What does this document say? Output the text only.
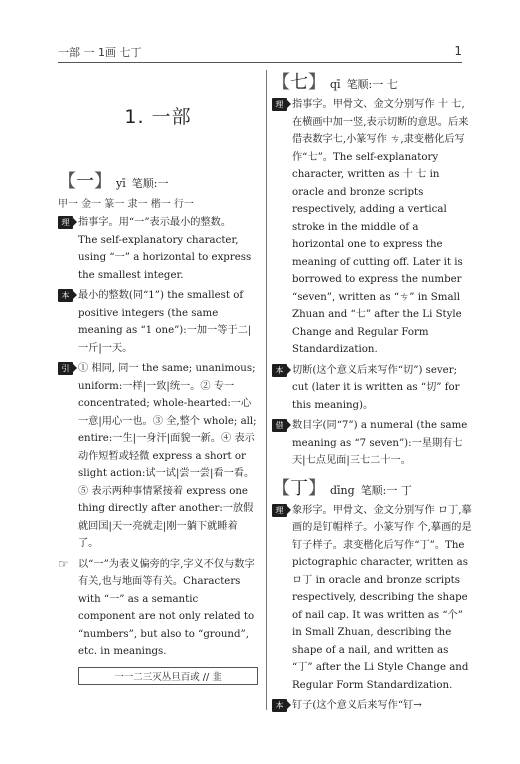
一部 一 1画 七丁	1
1. 一部
【一】 yī 笔顺:一
甲一 金一 篆一 隶一 楷一 行一
理 指事字。用“一”表示最小的整数。
The self-explanatory character, using “一” a horizontal to express the smallest integer.
本 最小的整数(同“1”) the smallest of positive integers (the same meaning as “1 one”):一加一等于二|一斤|一天。
引 ① 相同, 同一 the same; unanimous; uniform:一样|一致|统一。② 专一 concentrated; whole-hearted:一心一意|用心一也。③ 全,整个 whole; all; entire:一生|一身汗|面貌一新。④ 表示动作短暂或轻微 express a short or slight action:试一试|尝一尝|看一看。⑤ 表示两种事情紧接着 express one thing directly after another:一放假就回国|天一亮就走|刚一躺下就睡着了。
☞ 以“一”为表义偏旁的字,字义不仅与数字有关,也与地面等有关。Characters with “一” as a semantic component are not only related to “numbers”, but also to “ground”, etc. in meanings.
一一二三灭丛旦百或 // 韭
【七】 qī 笔顺:一 七
理 指事字。甲骨文、金文分别写作 十 七,在横画中加一竖,表示切断的意思。后来借表数字七,小篆写作 ㄘ,隶变楷化后写作“七”。The self-explanatory character, written as 十 七 in oracle and bronze scripts respectively, adding a vertical stroke in the middle of a horizontal one to express the meaning of cutting off. Later it is borrowed to express the number “seven”, written as “ㄘ” in Small Zhuan and “七” after the Li Style Change and Regular Form Standardization.
本 切断(这个意义后来写作“切”) sever; cut (later it is written as “切” for this meaning)。
借 数目字(同“7”) a numeral (the same meaning as “7 seven”):一星期有七天|七点见面|三七二十一。
【丁】 dīng 笔顺:一 丁
理 象形字。甲骨文、金文分别写作 ロ丁,摹画的是钉帽样子。小篆写作 个,摹画的是钉子样子。隶变楷化后写作“丁”。The pictographic character, written as ロ丁 in oracle and bronze scripts respectively, describing the shape of nail cap. It was written as “个” in Small Zhuan, describing the shape of a nail, and written as “丁” after the Li Style Change and Regular Form Standardization.
本 钉子(这个意义后来写作“钉→
